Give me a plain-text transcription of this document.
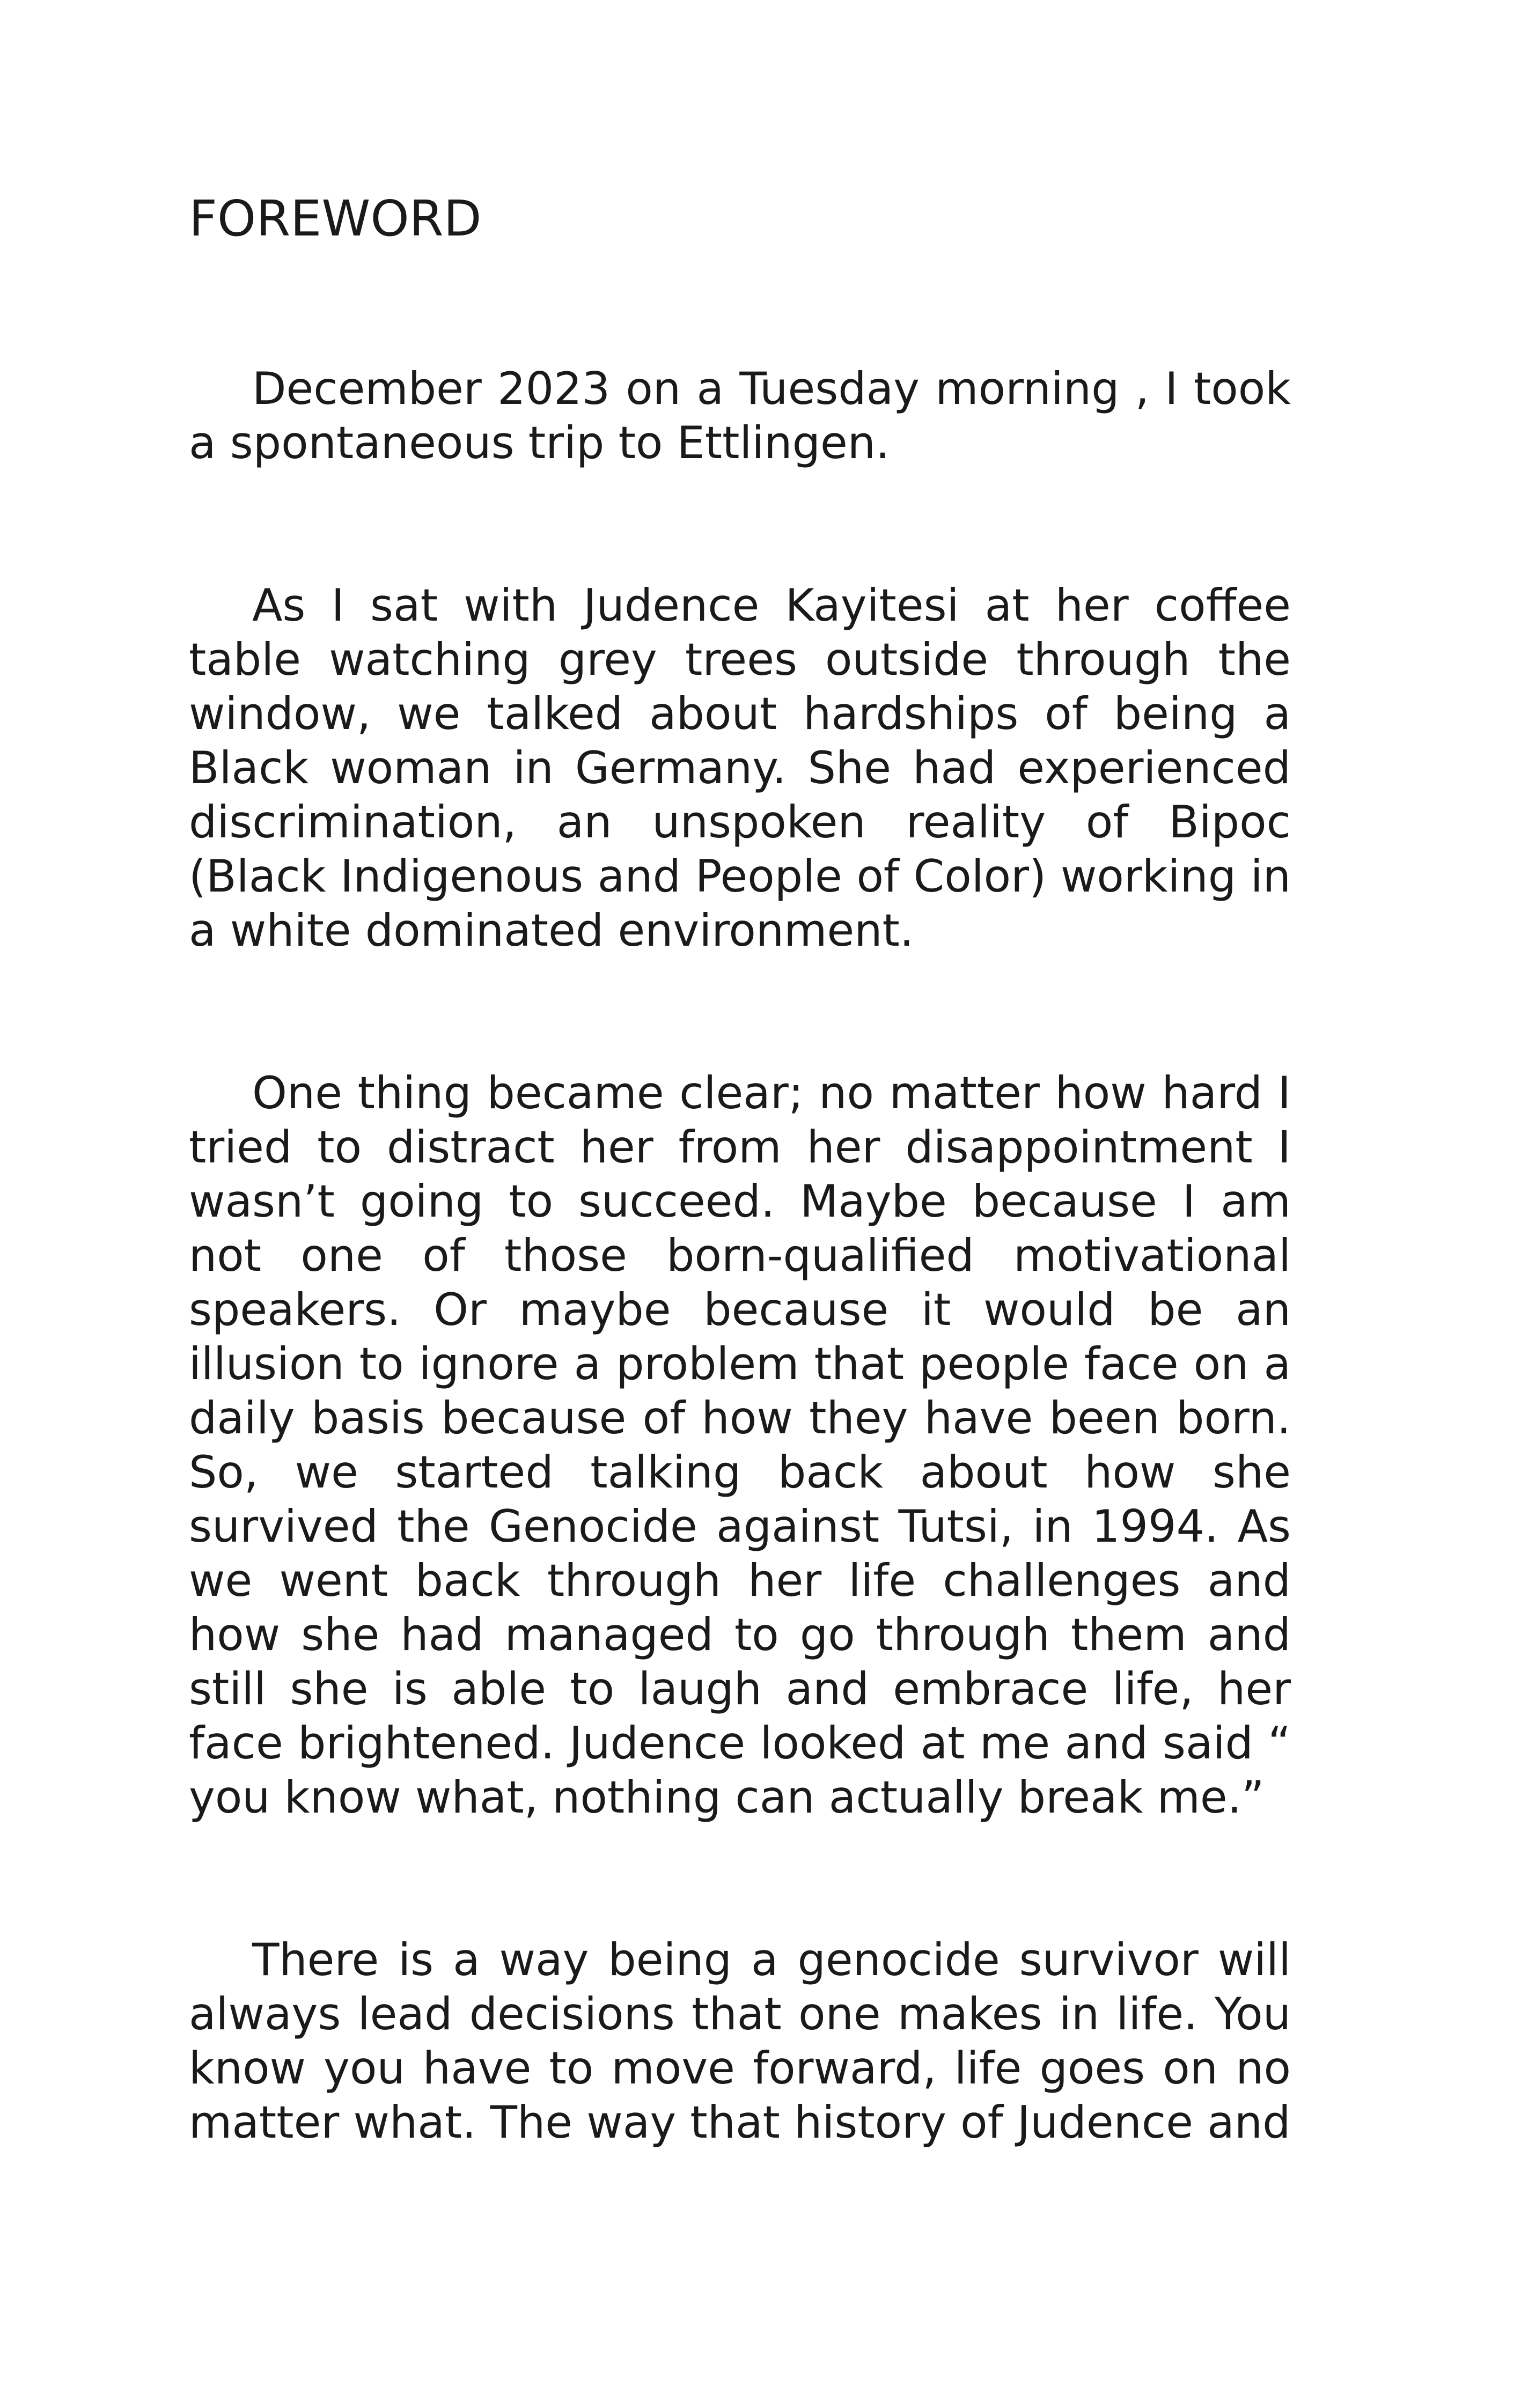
FOREWORD

December 2023 on a Tuesday morning , I took a spontaneous trip to Ettlingen.

As I sat with Judence Kayitesi at her coffee table watching grey trees outside through the window, we talked about hardships of being a Black woman in Germany. She had experienced discrimination, an unspoken reality of Bipoc (Black Indigenous and People of Color) working in a white dominated environment.

One thing became clear; no matter how hard I tried to distract her from her disappointment I wasn’t going to succeed. Maybe because I am not one of those born-qualified motivational speakers. Or maybe because it would be an illusion to ignore a problem that people face on a daily basis because of how they have been born. So, we started talking back about how she survived the Genocide against Tutsi, in 1994. As we went back through her life challenges and how she had managed to go through them and still she is able to laugh and embrace life, her face brightened. Judence looked at me and said “ you know what, nothing can actually break me.”

There is a way being a genocide survivor will always lead decisions that one makes in life. You know you have to move forward, life goes on no matter what. The way that history of Judence and
